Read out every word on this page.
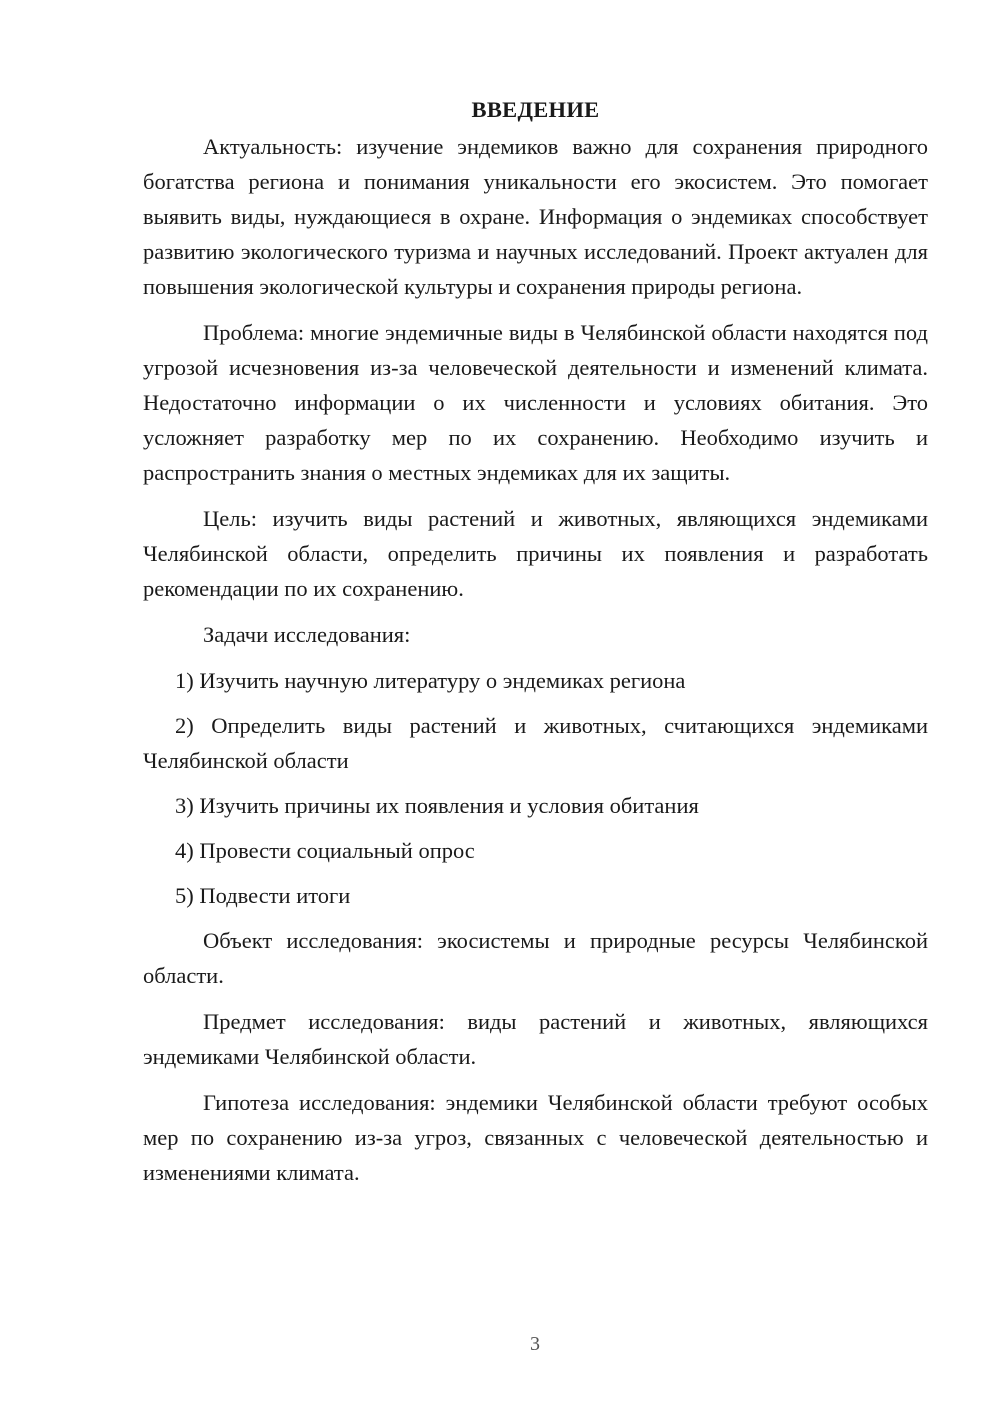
ВВЕДЕНИЕ

Актуальность: изучение эндемиков важно для сохранения природного богатства региона и понимания уникальности его экосистем. Это помогает выявить виды, нуждающиеся в охране. Информация о эндемиках способствует развитию экологического туризма и научных исследований. Проект актуален для повышения экологической культуры и сохранения природы региона.

Проблема: многие эндемичные виды в Челябинской области находятся под угрозой исчезновения из-за человеческой деятельности и изменений климата. Недостаточно информации о их численности и условиях обитания. Это усложняет разработку мер по их сохранению. Необходимо изучить и распространить знания о местных эндемиках для их защиты.

Цель: изучить виды растений и животных, являющихся эндемиками Челябинской области, определить причины их появления и разработать рекомендации по их сохранению.

Задачи исследования:

1) Изучить научную литературу о эндемиках региона

2) Определить виды растений и животных, считающихся эндемиками Челябинской области

3) Изучить причины их появления и условия обитания

4) Провести социальный опрос

5) Подвести итоги

Объект исследования: экосистемы и природные ресурсы Челябинской области.

Предмет исследования: виды растений и животных, являющихся эндемиками Челябинской области.

Гипотеза исследования: эндемики Челябинской области требуют особых мер по сохранению из-за угроз, связанных с человеческой деятельностью и изменениями климата.

3
